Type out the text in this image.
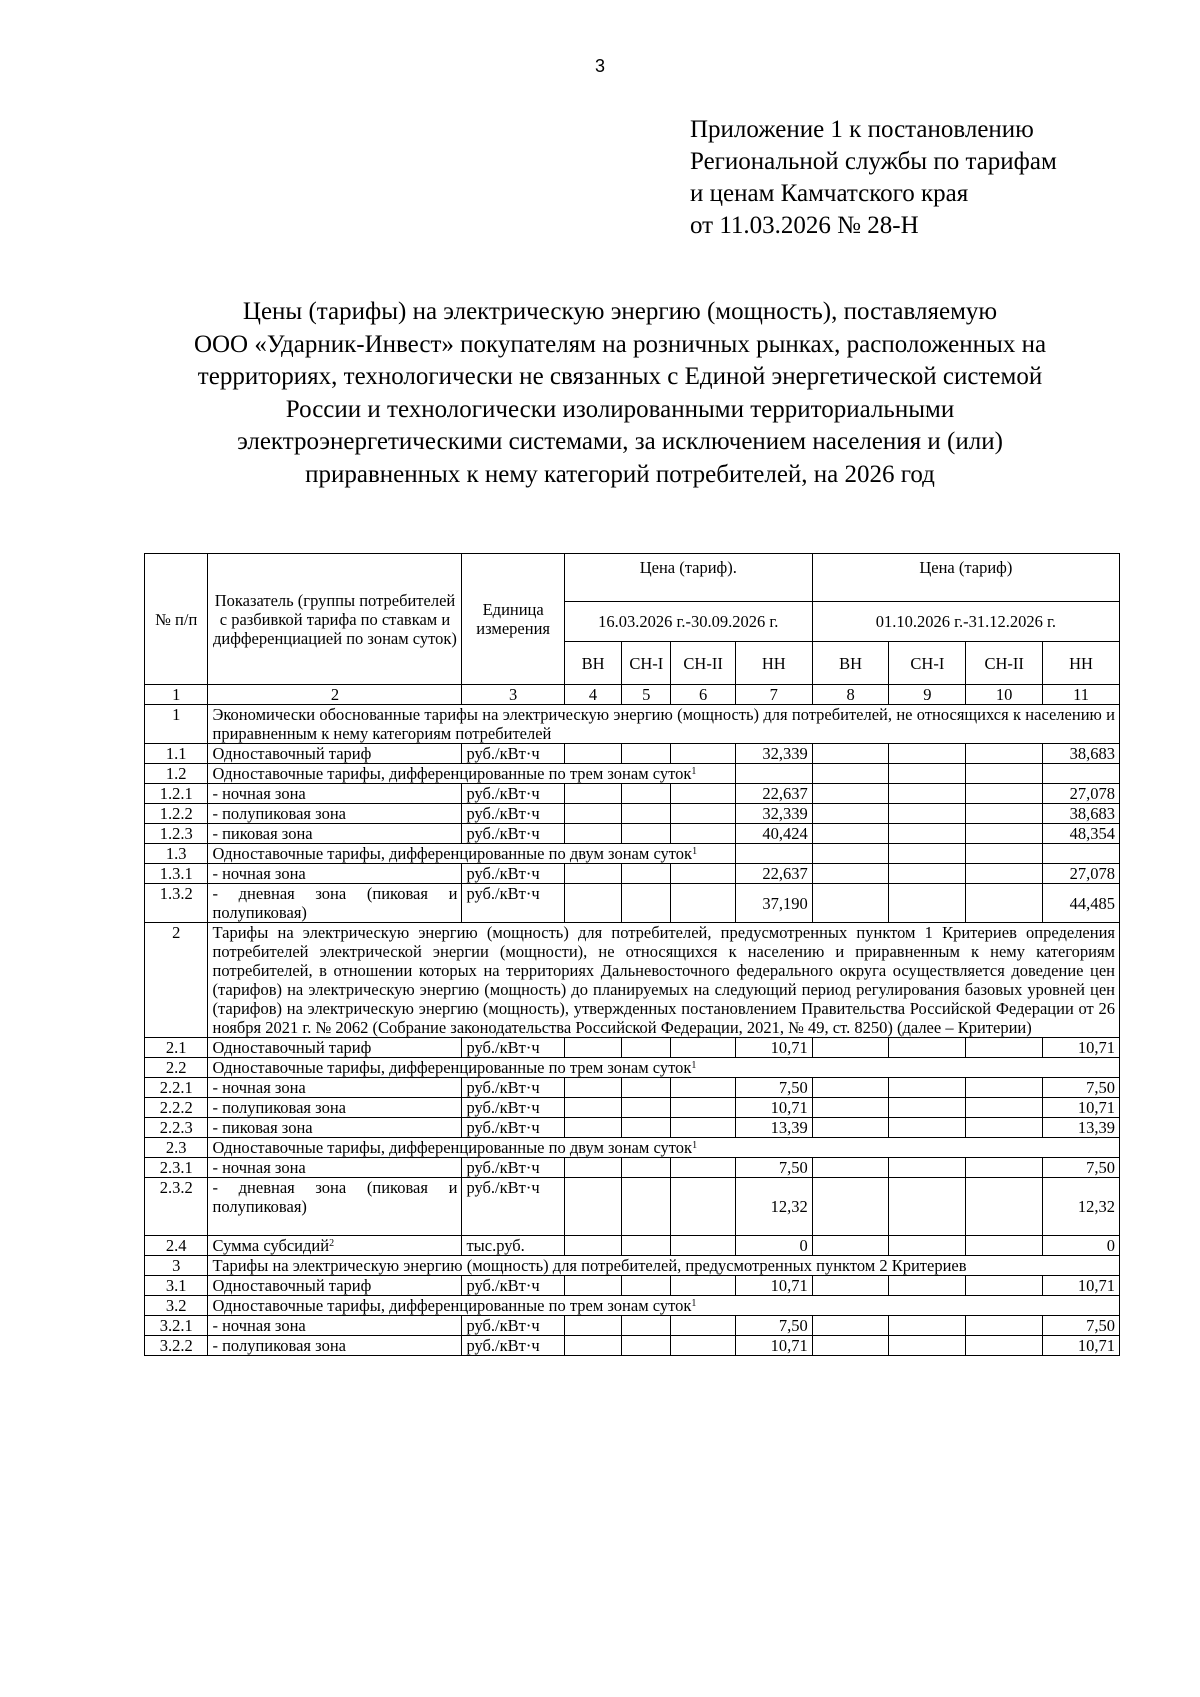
3
Приложение 1 к постановлению
Региональной службы по тарифам
и ценам Камчатского края
от 11.03.2026 № 28-Н
Цены (тарифы) на электрическую энергию (мощность), поставляемую
ООО «Ударник-Инвест» покупателям на розничных рынках, расположенных на
территориях, технологически не связанных с Единой энергетической системой
России и технологически изолированными территориальными
электроэнергетическими системами, за исключением населения и (или)
приравненных к нему категорий потребителей, на 2026 год
№ п/п	Показатель (группы потребителей с разбивкой тарифа по ставкам и дифференциацией по зонам суток)	Единица измерения	Цена (тариф).				Цена (тариф)			
			16.03.2026 г.-30.09.2026 г.				01.10.2026 г.-31.12.2026 г.			
			ВН	СН-I	СН-II	НН	ВН	СН-I	СН-II	НН
1	2	3	4	5	6	7	8	9	10	11
1	Экономически обоснованные тарифы на электрическую энергию (мощность) для потребителей, не относящихся к населению и приравненным к нему категориям потребителей									
1.1	Одноставочный тариф	руб./кВт·ч				32,339				38,683
1.2	Одноставочные тарифы, дифференцированные по трем зонам суток$^1$					
1.2.1	- ночная зона	руб./кВт·ч				22,637				27,078
1.2.2	- полупиковая зона	руб./кВт·ч				32,339				38,683
1.2.3	- пиковая зона	руб./кВт·ч				40,424				48,354
1.3	Одноставочные тарифы, дифференцированные по двум зонам суток$^1$					
1.3.1	- ночная зона	руб./кВт·ч				22,637				27,078
1.3.2	- дневная зона (пиковая и полупиковая)	руб./кВт·ч				37,190				44,485
2	Тарифы на электрическую энергию (мощность) для потребителей, предусмотренных пунктом 1 Критериев определения потребителей электрической энергии (мощности), не относящихся к населению и приравненным к нему категориям потребителей, в отношении которых на территориях Дальневосточного федерального округа осуществляется доведение цен (тарифов) на электрическую энергию (мощность) до планируемых на следующий период регулирования базовых уровней цен (тарифов) на электрическую энергию (мощность), утвержденных постановлением Правительства Российской Федерации от 26 ноября 2021 г. № 2062 (Собрание законодательства Российской Федерации, 2021, № 49, ст. 8250) (далее – Критерии)									
2.1	Одноставочный тариф	руб./кВт·ч				10,71				10,71
2.2	Одноставочные тарифы, дифференцированные по трем зонам суток$^1$
2.2.1	- ночная зона	руб./кВт·ч				7,50				7,50
2.2.2	- полупиковая зона	руб./кВт·ч				10,71				10,71
2.2.3	- пиковая зона	руб./кВт·ч				13,39				13,39
2.3	Одноставочные тарифы, дифференцированные по двум зонам суток$^1$
2.3.1	- ночная зона	руб./кВт·ч				7,50				7,50
2.3.2	- дневная зона (пиковая и полупиковая)	руб./кВт·ч				12,32				12,32
2.4	Сумма субсидий$^2$	тыс.руб.				0				0
3	Тарифы на электрическую энергию (мощность) для потребителей, предусмотренных пунктом 2 Критериев									
3.1	Одноставочный тариф	руб./кВт·ч				10,71				10,71
3.2	Одноставочные тарифы, дифференцированные по трем зонам суток$^1$
3.2.1	- ночная зона	руб./кВт·ч				7,50				7,50
3.2.2	- полупиковая зона	руб./кВт·ч				10,71				10,71
